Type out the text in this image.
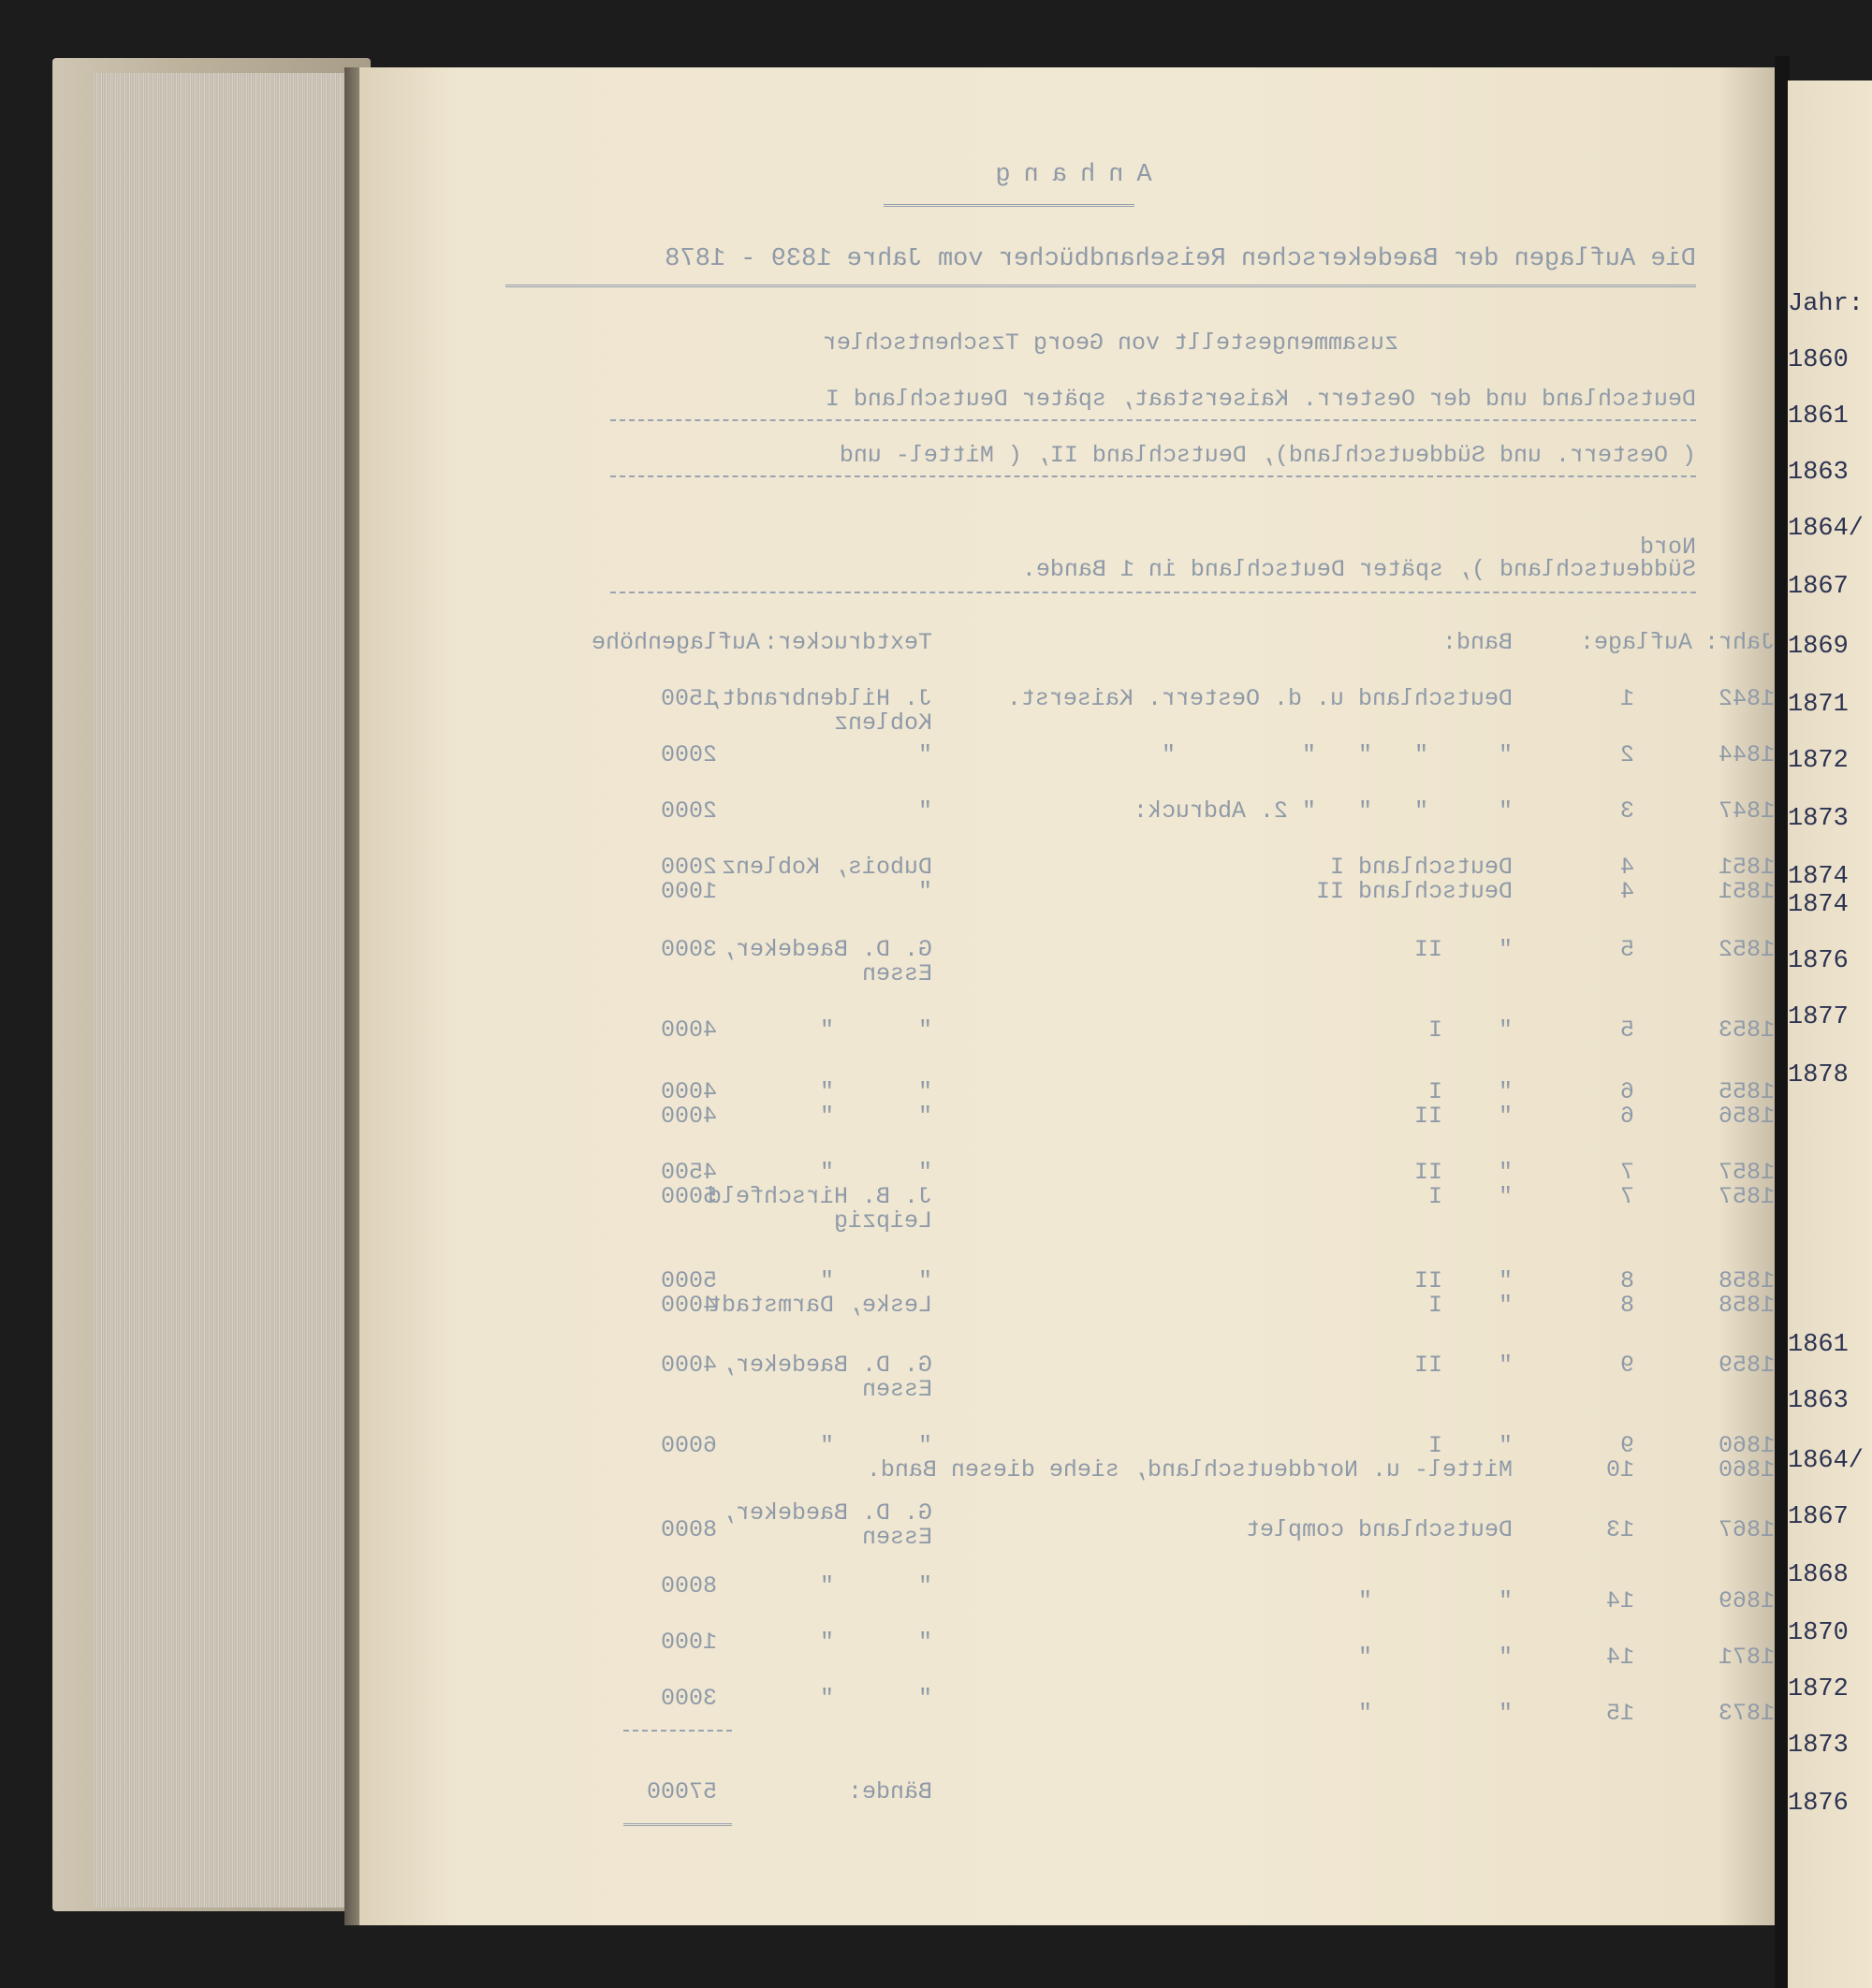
Anhang
Die Auflagen der Baedekerschen Reisehandbücher vom Jahre 1839 - 1878
zusammengestellt von Georg Tzschentschler
Deutschland und der Oesterr. Kaiserstaat, später Deutschland I
( Oesterr. und Süddeutschland), Deutschland II, ( Mittel- und
Nord
Süddeutschland ), später Deutschland in 1 Bande.
Jahr:
Auflage:
Band:
Textdrucker:
Auflagenhöhe
1842
1
Deutschland u. d. Oesterr. Kaiserst.
J. Hildenbrandt,
Koblenz
1500
1844
2
"     "   "   "         "
"
2000
1847
3
"     "   "   " 2. Abdruck:
"
2000
1851
4
Deutschland I
Dubois, Koblenz
2000
1851
4
Deutschland II
"
1000
1852
5
"    II
G. D. Baedeker,
Essen
3000
1853
5
"    I
"      "
4000
1855
6
"    I
"      "
4000
1856
6
"    II
"      "
4000
1857
7
"    II
"      "
4500
1857
7
"    I
J. B. Hirschfeld
Leipzig
5000
1858
8
"    II
"      "
5000
1858
8
"    I
Leske, Darmstadt
4000
1859
9
"    II
G. D. Baedeker,
Essen
4000
1860
9
"    I
"      "
6000
1860
10
Mittel- u. Norddeutschland, siehe diesen Band.
1867
13
Deutschland complet
G. D. Baedeker,
Essen
8000
1869
14
"         "
"      "
8000
1871
14
"         "
"      "
1000
1873
15
"         "
"      "
3000
Bände:
57000
Jahr:
1860
1861
1863
1864/
1867
1869
1871
1872
1873
1874
1874
1876
1877
1878
1861
1863
1864/
1867
1868
1870
1872
1873
1876
